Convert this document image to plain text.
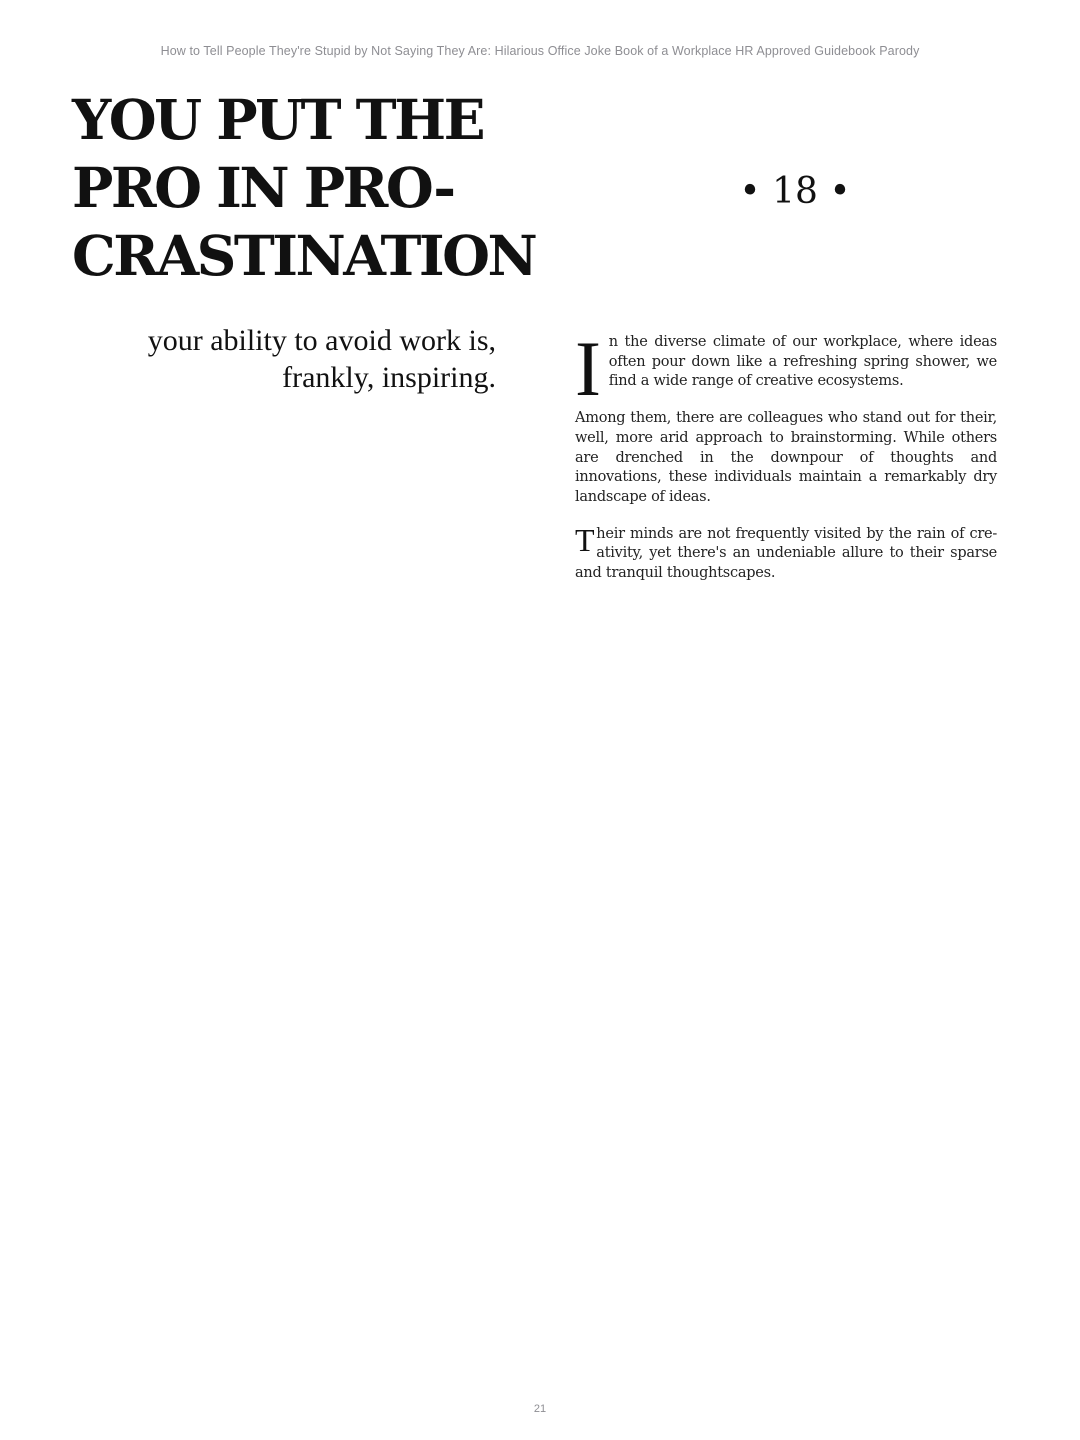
How to Tell People They're Stupid by Not Saying They Are: Hilarious Office Joke Book of a Workplace HR Approved Guidebook Parody
YOU PUT THE
PRO IN PRO-
CRASTINATION
• 18 •

your ability to avoid work is, frankly, inspiring. In the diverse climate of our workplace, where ideas often pour down like a refreshing spring shower, we find a wide range of creative ecosystems.

Among them, there are colleagues who stand out for their, well, more arid approach to brainstorming. While others are drenched in the downpour of thoughts and innovations, these individuals maintain a remarkably dry landscape of ideas.

Their minds are not frequently visited by the rain of cre-ativity, yet there's an undeniable allure to their sparse and tranquil thoughtscapes.

21
